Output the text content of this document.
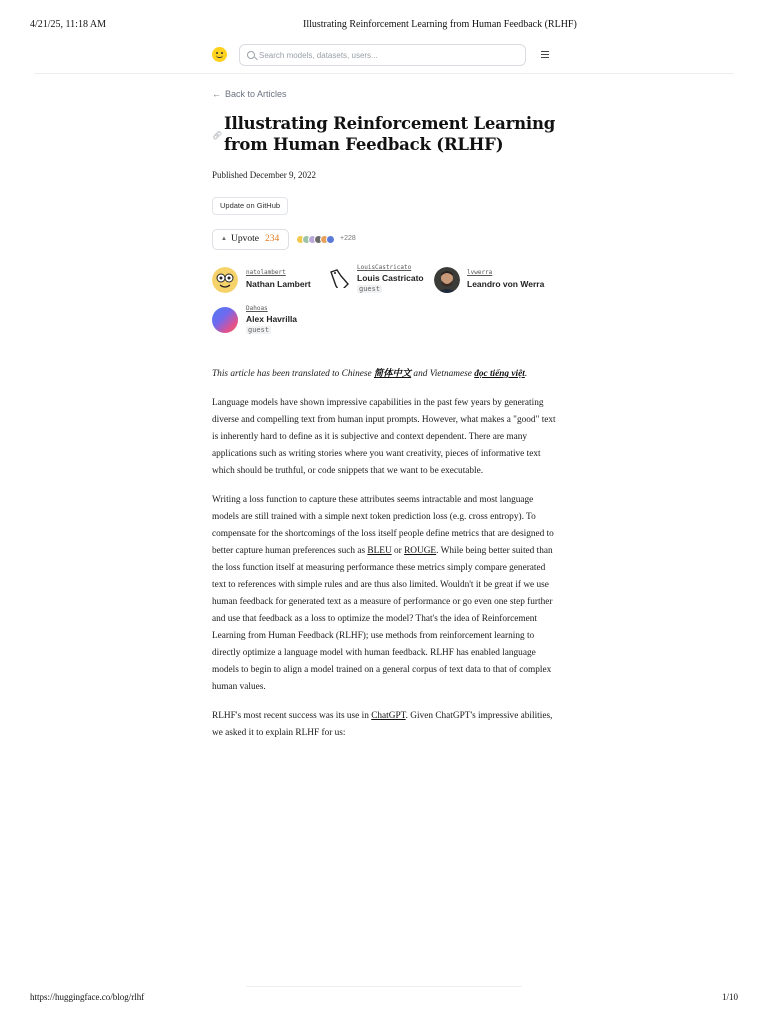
4/21/25, 11:18 AM	Illustrating Reinforcement Learning from Human Feedback (RLHF)
Search models, datasets, users...
← Back to Articles
🔗︎
Illustrating Reinforcement Learning from Human Feedback (RLHF)
Published December 9, 2022
Update on GitHub
▲ Upvote 234	+228
natolambert
Nathan Lambert
LouisCastricato
Louis Castricato
guest
lvwerra
Leandro von Werra
Dahoas
Alex Havrilla
guest

This article has been translated to Chinese 简体中文 and Vietnamese đọc tiếng việt.

Language models have shown impressive capabilities in the past few years by generating diverse and compelling text from human input prompts. However, what makes a "good" text is inherently hard to define as it is subjective and context dependent. There are many applications such as writing stories where you want creativity, pieces of informative text which should be truthful, or code snippets that we want to be executable.

Writing a loss function to capture these attributes seems intractable and most language models are still trained with a simple next token prediction loss (e.g. cross entropy). To compensate for the shortcomings of the loss itself people define metrics that are designed to better capture human preferences such as BLEU or ROUGE. While being better suited than the loss function itself at measuring performance these metrics simply compare generated text to references with simple rules and are thus also limited. Wouldn't it be great if we use human feedback for generated text as a measure of performance or go even one step further and use that feedback as a loss to optimize the model? That's the idea of Reinforcement Learning from Human Feedback (RLHF); use methods from reinforcement learning to directly optimize a language model with human feedback. RLHF has enabled language models to begin to align a model trained on a general corpus of text data to that of complex human values.

RLHF's most recent success was its use in ChatGPT. Given ChatGPT's impressive abilities, we asked it to explain RLHF for us:

https://huggingface.co/blog/rlhf	1/10
